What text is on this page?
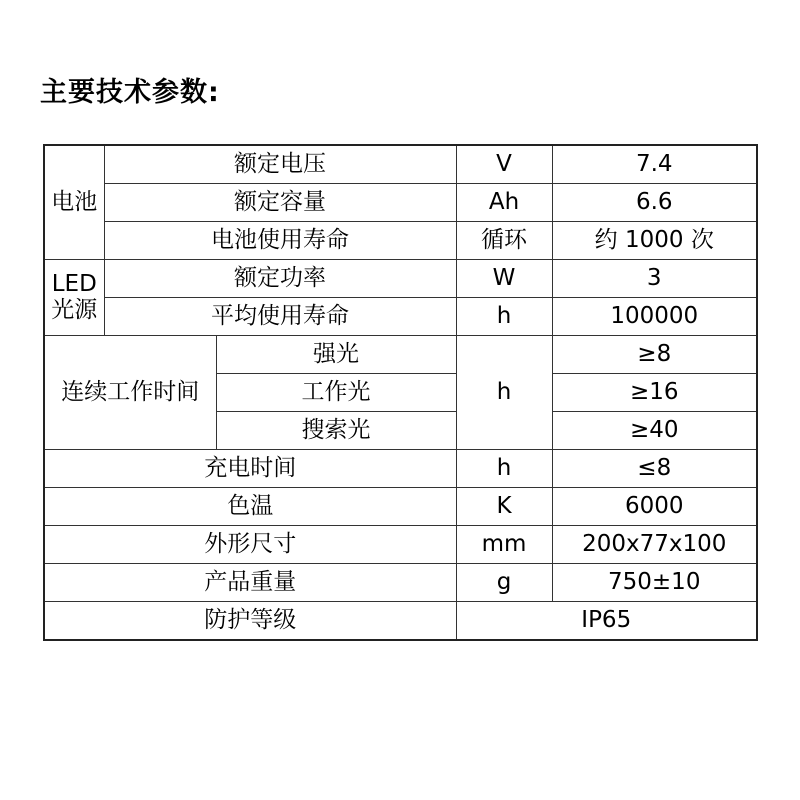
主要技术参数:
电池	额定电压		V	7.4
	额定容量		Ah	6.6
	电池使用寿命		循环	约 1000 次

LED
光源	额定功率		W	3
	平均使用寿命		h	100000
连续工作时间		强光	h	≥8
		工作光		≥16
		搜索光		≥40
充电时间			h	≤8
色温			K	6000
外形尺寸			mm	200x77x100
产品重量			g	750±10
防护等级			IP65	
